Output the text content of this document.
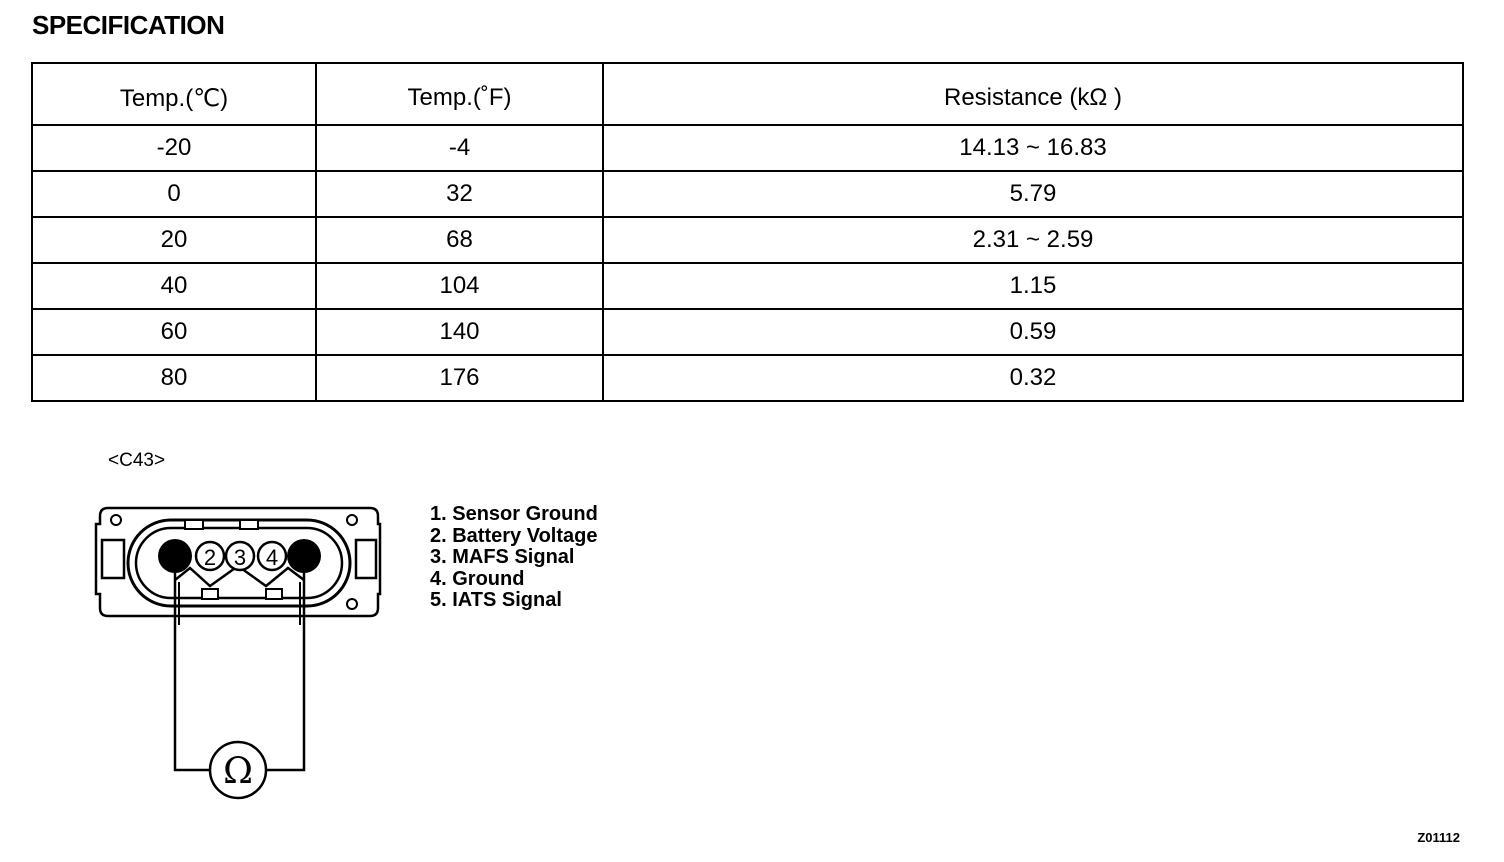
SPECIFICATION
Temp.(℃)	Temp.(˚F)	Resistance (kΩ )
-20	-4	14.13 ~ 16.83
0	32	5.79
20	68	2.31 ~ 2.59
40	104	1.15
60	140	0.59
80	176	0.32
<C43>
2 3 4
Ω
1. Sensor Ground
2. Battery Voltage
3. MAFS Signal
4. Ground
5. IATS Signal
Z01112
